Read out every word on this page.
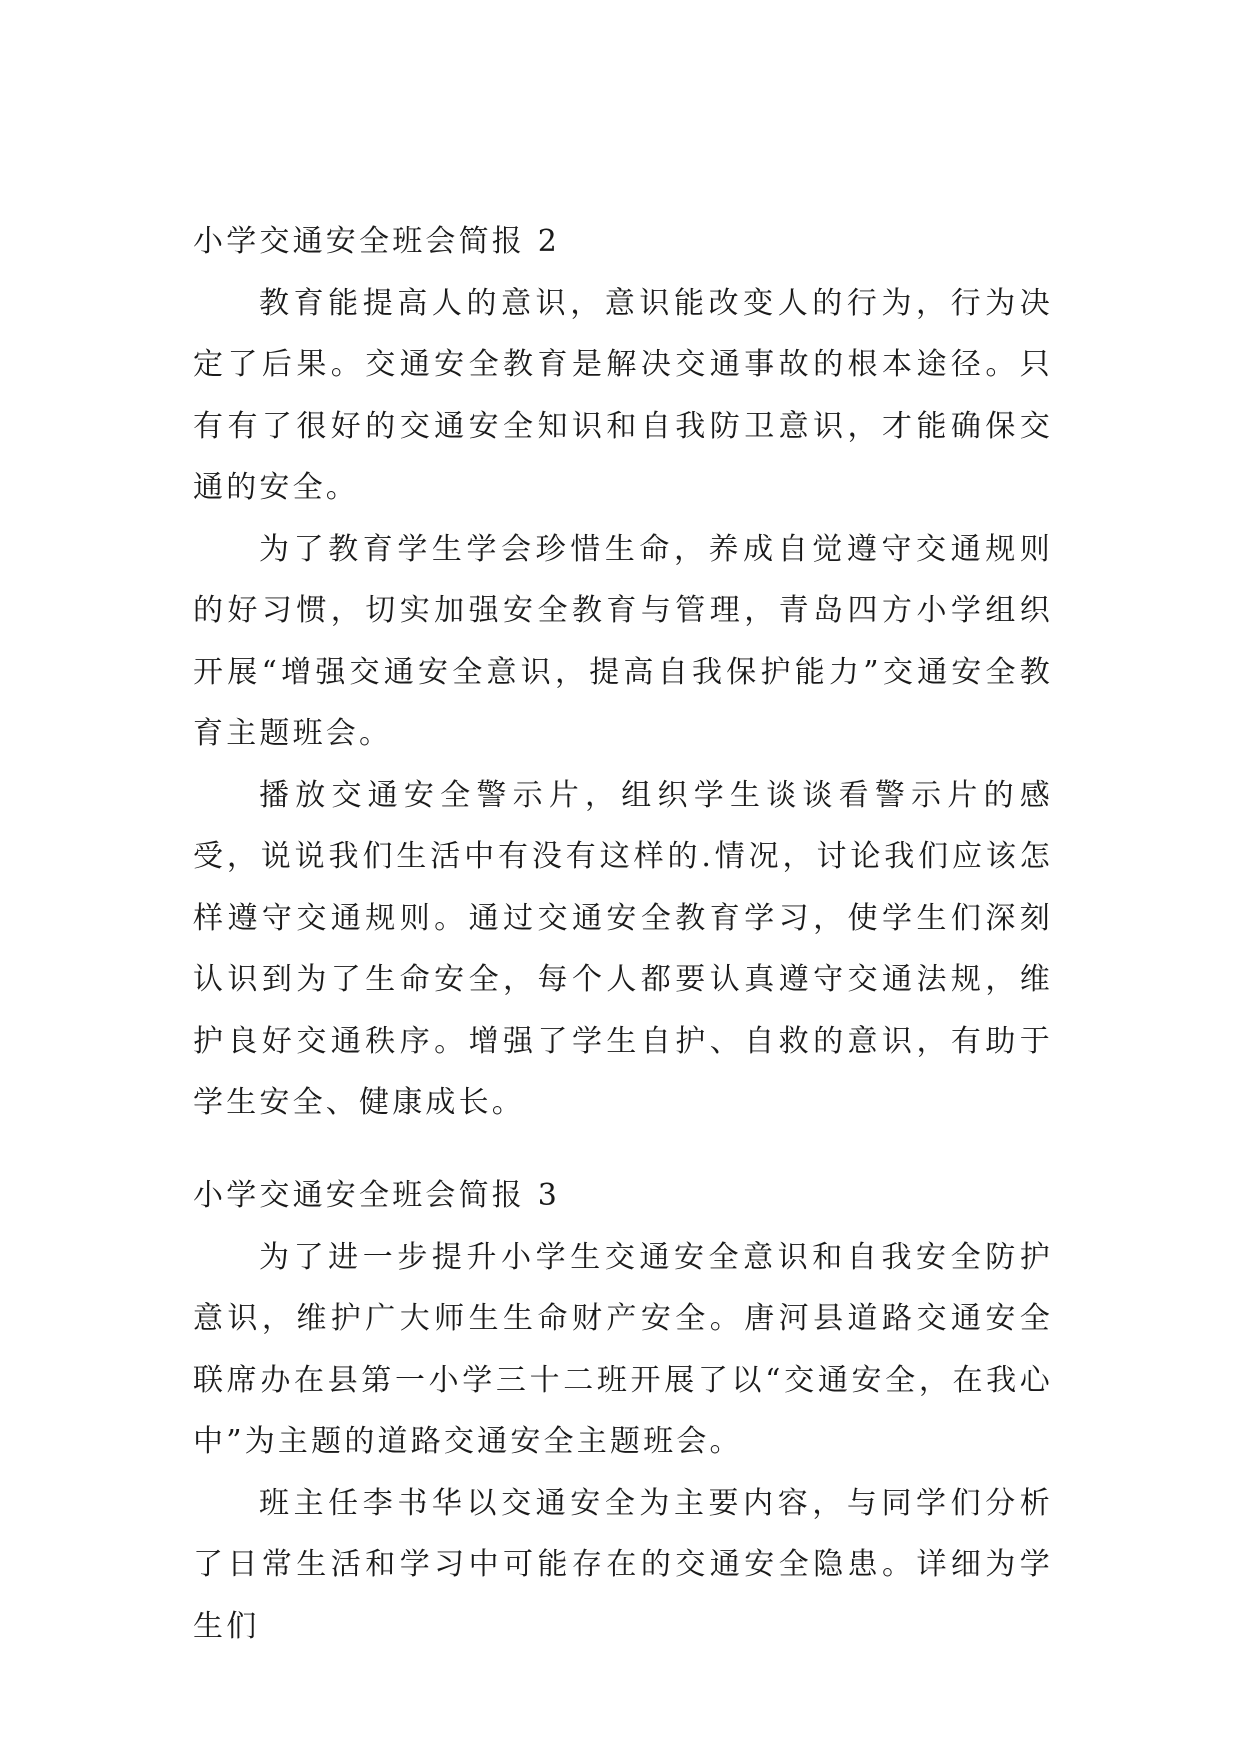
小学交通安全班会简报 2

教育能提高人的意识，意识能改变人的行为，行为决定了后果。交通安全教育是解决交通事故的根本途径。只有有了很好的交通安全知识和自我防卫意识，才能确保交通的安全。

为了教育学生学会珍惜生命，养成自觉遵守交通规则的好习惯，切实加强安全教育与管理，青岛四方小学组织开展“增强交通安全意识，提高自我保护能力”交通安全教育主题班会。

播放交通安全警示片，组织学生谈谈看警示片的感受，说说我们生活中有没有这样的.情况，讨论我们应该怎样遵守交通规则。通过交通安全教育学习，使学生们深刻认识到为了生命安全，每个人都要认真遵守交通法规，维护良好交通秩序。增强了学生自护、自救的意识，有助于学生安全、健康成长。

小学交通安全班会简报 3

为了进一步提升小学生交通安全意识和自我安全防护意识，维护广大师生生命财产安全。唐河县道路交通安全联席办在县第一小学三十二班开展了以“交通安全，在我心中”为主题的道路交通安全主题班会。

班主任李书华以交通安全为主要内容，与同学们分析了日常生活和学习中可能存在的交通安全隐患。详细为学生们
